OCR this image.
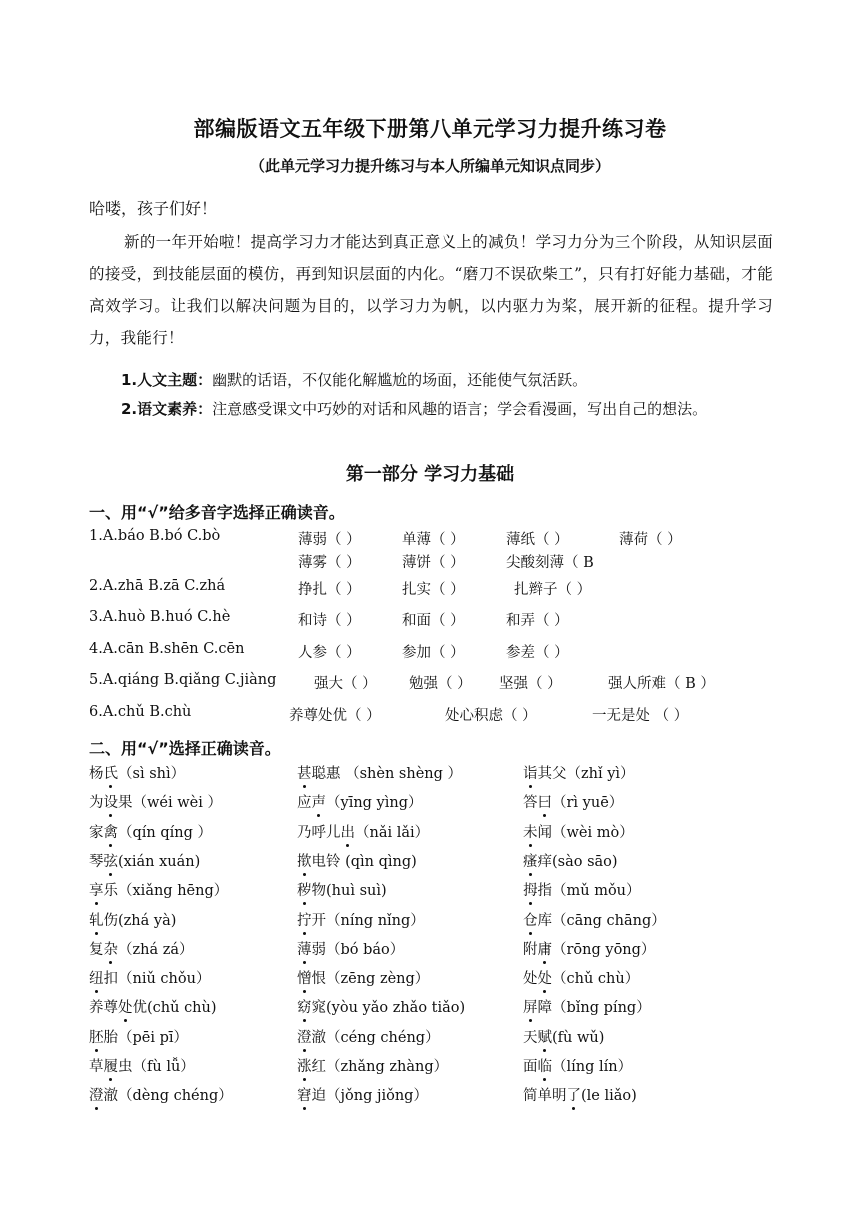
部编版语文五年级下册第八单元学习力提升练习卷
（此单元学习力提升练习与本人所编单元知识点同步）
哈喽，孩子们好！
新的一年开始啦！提高学习力才能达到真正意义上的减负！学习力分为三个阶段，从知识层面的接受，到技能层面的模仿，再到知识层面的内化。“磨刀不误砍柴工”，只有打好能力基础，才能高效学习。让我们以解决问题为目的，以学习力为帆，以内驱力为桨，展开新的征程。提升学习力，我能行！
1.人文主题：幽默的话语，不仅能化解尴尬的场面，还能使气氛活跃。
2.语文素养：注意感受课文中巧妙的对话和风趣的语言；学会看漫画，写出自己的想法。
第一部分 学习力基础
一、用“√”给多音字选择正确读音。
1.A.báo B.bó C.bò	薄弱（ ）	单薄（ ）	薄纸（ ）	薄荷（ ）
薄雾（ ）	薄饼（ ）	尖酸刻薄（ B
2.A.zhā B.zā C.zhá	挣扎（ ）	扎实（ ）	扎辫子（ ）
3.A.huò B.huó C.hè	和诗（ ）	和面（ ）	和弄（ ）
4.A.cān B.shēn C.cēn	人参（ ）	参加（ ）	参差（ ）
5.A.qiáng B.qiǎng C.jiàng	强大（ ） 勉强（ ） 坚强（ ）	强人所难（ B ）
6.A.chǔ B.chù	养尊处优（ ）	处心积虑（ ）	一无是处 （ ）
二、用“√”选择正确读音。
杨氏（sì shì）	甚聪惠 （shèn shèng ）	诣其父（zhǐ yì）
为设果（wéi wèi ）	应声（yīng yìng）	答曰（rì yuē）
家禽（qín qíng ）	乃呼儿出（nǎi lǎi）	未闻（wèi mò）
琴弦(xián xuán)	揿电铃 (qìn qìng)	瘙痒(sào sāo)
享乐（xiǎng hēng）	秽物(huì suì)	拇指（mǔ mǒu）
轧伤(zhá yà)	拧开（níng nǐng）	仓库（cāng chāng）
复杂（zhá zá）	薄弱（bó báo）	附庸（rōng yōng）
纽扣（niǔ chǒu）	憎恨（zēng zèng）	处处（chǔ chù）
养尊处优(chǔ chù)	窈窕(yòu yǎo zhǎo tiǎo)	屏障（bǐng píng）
胚胎（pēi pī）	澄澈（céng chéng）	天赋(fù wǔ)
草履虫（fù lǚ）	涨红（zhǎng zhàng）	面临（líng lín）
澄澈（dèng chéng）	窘迫（jǒng jiǒng）	简单明了(le liǎo)
